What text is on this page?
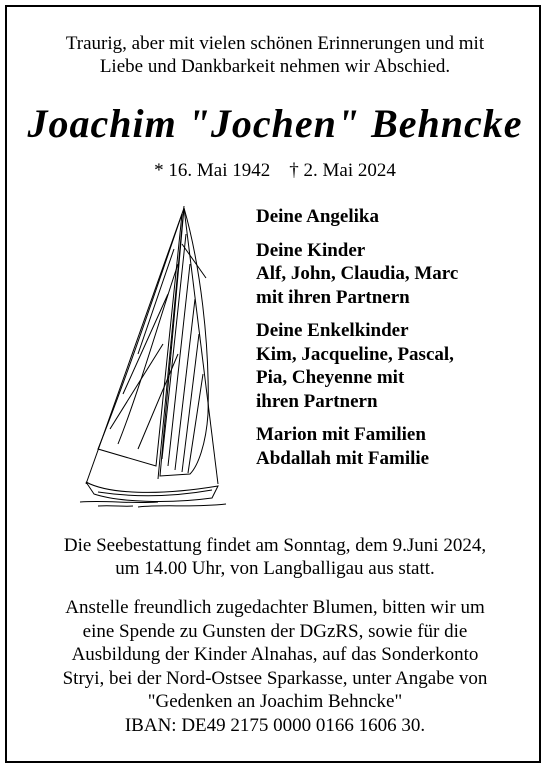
Traurig, aber mit vielen schönen Erinnerungen und mit
Liebe und Dankbarkeit nehmen wir Abschied.
Joachim "Jochen" Behncke
* 16. Mai 1942 † 2. Mai 2024
Deine Angelika
Deine Kinder
Alf, John, Claudia, Marc
mit ihren Partnern
Deine Enkelkinder
Kim, Jacqueline, Pascal,
Pia, Cheyenne mit
ihren Partnern
Marion mit Familien
Abdallah mit Familie
Die Seebestattung findet am Sonntag, dem 9.Juni 2024,
um 14.00 Uhr, von Langballigau aus statt.
Anstelle freundlich zugedachter Blumen, bitten wir um
eine Spende zu Gunsten der DGzRS, sowie für die
Ausbildung der Kinder Alnahas, auf das Sonderkonto
Stryi, bei der Nord-Ostsee Sparkasse, unter Angabe von
"Gedenken an Joachim Behncke"
IBAN: DE49 2175 0000 0166 1606 30.
